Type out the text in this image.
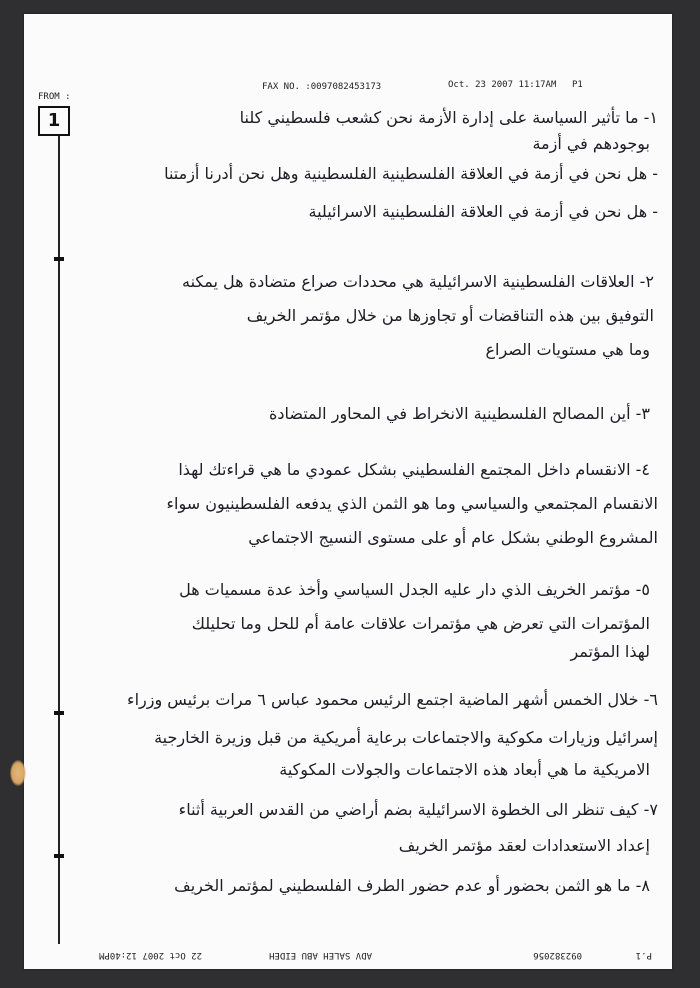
FAX NO. :0097082453173	Oct. 23 2007 11:17AM P1
FROM :
1	١- ما تأثير السياسة على إدارة الأزمة نحن كشعب فلسطيني كلنا
بوجودهم في أزمة
- هل نحن في أزمة في العلاقة الفلسطينية الفلسطينية وهل نحن أدرنا أزمتنا
- هل نحن في أزمة في العلاقة الفلسطينية الاسرائيلية
٢- العلاقات الفلسطينية الاسرائيلية هي محددات صراع متضادة هل يمكنه
التوفيق بين هذه التناقضات أو تجاوزها من خلال مؤتمر الخريف
وما هي مستويات الصراع
٣- أين المصالح الفلسطينية الانخراط في المحاور المتضادة
٤- الانقسام داخل المجتمع الفلسطيني بشكل عمودي ما هي قراءتك لهذا
الانقسام المجتمعي والسياسي وما هو الثمن الذي يدفعه الفلسطينيون سواء
المشروع الوطني بشكل عام أو على مستوى النسيج الاجتماعي
٥- مؤتمر الخريف الذي دار عليه الجدل السياسي وأخذ عدة مسميات هل
المؤتمرات التي تعرض هي مؤتمرات علاقات عامة أم للحل وما تحليلك
لهذا المؤتمر
٦- خلال الخمس أشهر الماضية اجتمع الرئيس محمود عباس ٦ مرات برئيس وزراء
إسرائيل وزيارات مكوكية والاجتماعات برعاية أمريكية من قبل وزيرة الخارجية
الامريكية ما هي أبعاد هذه الاجتماعات والجولات المكوكية
٧- كيف تنظر الى الخطوة الاسرائيلية بضم أراضي من القدس العربية أثناء
إعداد الاستعدادات لعقد مؤتمر الخريف
٨- ما هو الثمن بحضور أو عدم حضور الطرف الفلسطيني لمؤتمر الخريف
P.1
092382056
ADV SALEH ABU EIDEH
22 Oct 2007 12:40PM
